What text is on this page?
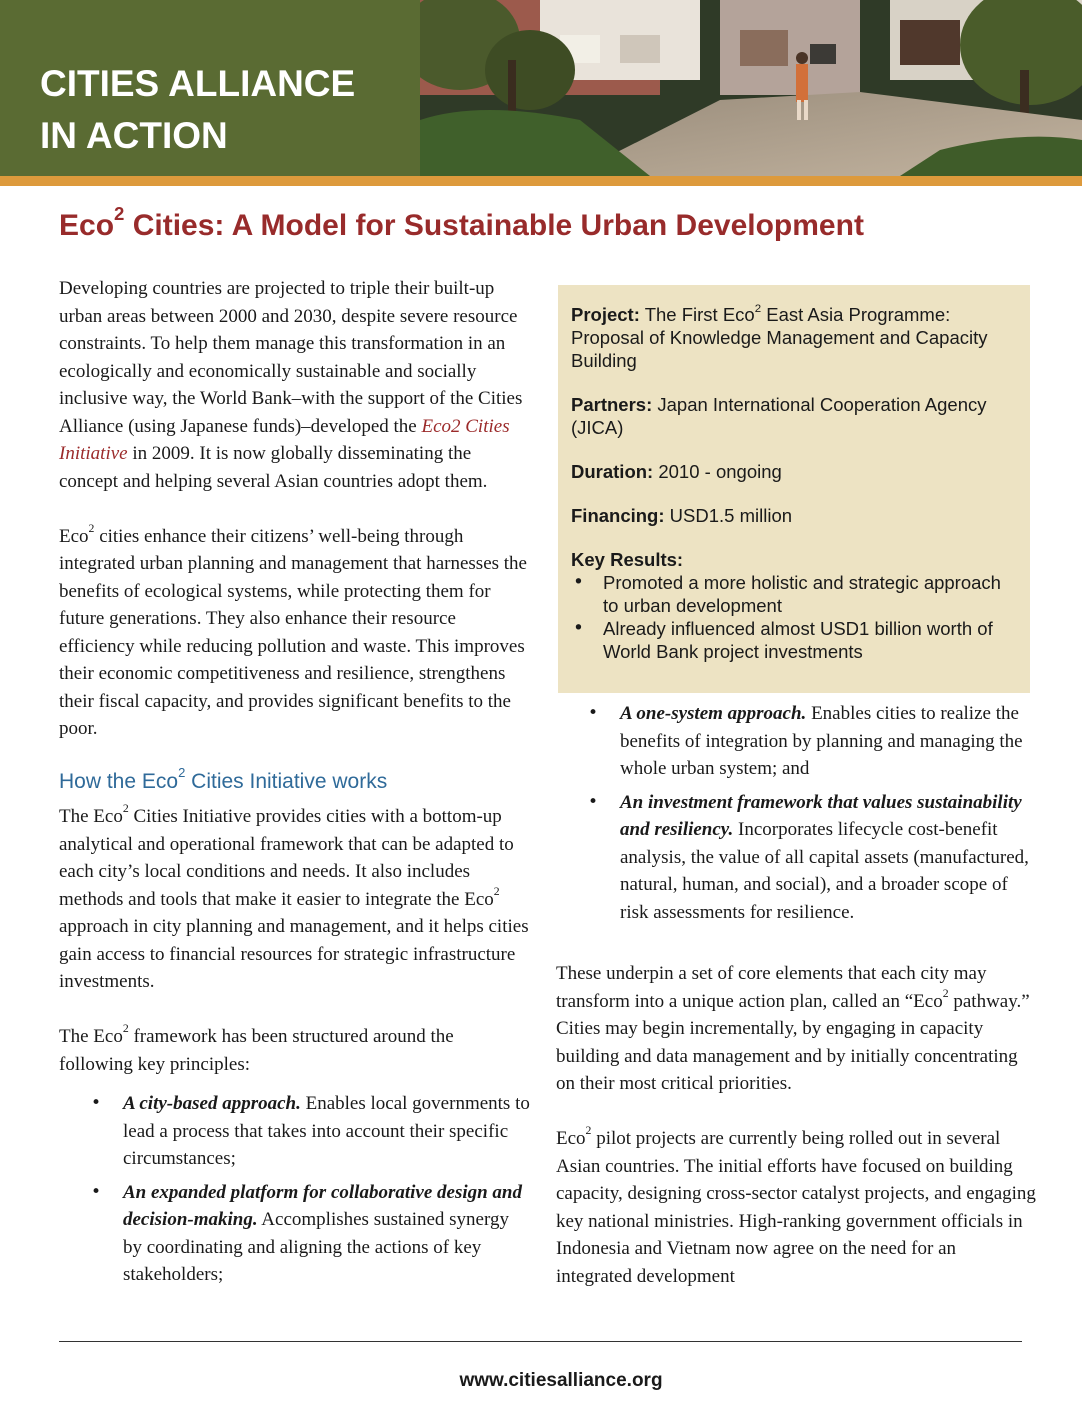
CITIES ALLIANCE
IN ACTION
Eco$^2$ Cities: A Model for Sustainable Urban Development

Developing countries are projected to triple their built-up urban areas between 2000 and 2030, despite severe resource constraints. To help them manage this transformation in an ecologically and economically sustainable and socially inclusive way, the World Bank–with the support of the Cities Alliance (using Japanese funds)–developed the Eco2 Cities Initiative in 2009. It is now globally disseminating the concept and helping several Asian countries adopt them.

Eco$^2$ cities enhance their citizens’ well-being through integrated urban planning and management that harnesses the benefits of ecological systems, while protecting them for future generations. They also enhance their resource efficiency while reducing pollution and waste. This improves their economic competitiveness and resilience, strengthens their fiscal capacity, and provides significant benefits to the poor.

How the Eco$^2$ Cities Initiative works

The Eco$^2$ Cities Initiative provides cities with a bottom-up analytical and operational framework that can be adapted to each city’s local conditions and needs. It also includes methods and tools that make it easier to integrate the Eco$^2$ approach in city planning and management, and it helps cities gain access to financial resources for strategic infrastructure investments.

The Eco$^2$ framework has been structured around the following key principles:

• A city-based approach. Enables local governments to lead a process that takes into account their specific circumstances;
• An expanded platform for collaborative design and decision-making. Accomplishes sustained synergy by coordinating and aligning the actions of key stakeholders;
Project: The First Eco$^2$ East Asia Programme: Proposal of Knowledge Management and Capacity Building
Partners: Japan International Cooperation Agency (JICA)
Duration: 2010 - ongoing
Financing: USD1.5 million
Key Results:
• Promoted a more holistic and strategic approach to urban development
• Already influenced almost USD1 billion worth of World Bank project investments
• A one-system approach. Enables cities to realize the benefits of integration by planning and managing the whole urban system; and
• An investment framework that values sustainability and resiliency. Incorporates lifecycle cost-benefit analysis, the value of all capital assets (manufactured, natural, human, and social), and a broader scope of risk assessments for resilience.

These underpin a set of core elements that each city may transform into a unique action plan, called an “Eco$^2$ pathway.” Cities may begin incrementally, by engaging in capacity building and data management and by initially concentrating on their most critical priorities.

Eco$^2$ pilot projects are currently being rolled out in several Asian countries. The initial efforts have focused on building capacity, designing cross-sector catalyst projects, and engaging key national ministries. High-ranking government officials in Indonesia and Vietnam now agree on the need for an integrated development

www.citiesalliance.org
